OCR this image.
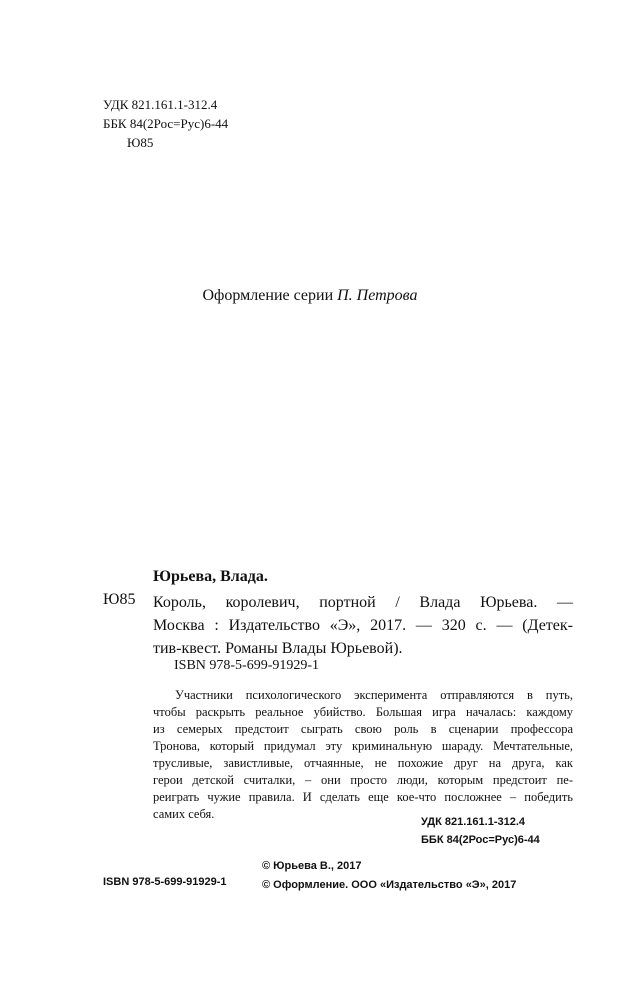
УДК 821.161.1-312.4
ББК 84(2Рос=Рус)6-44
Ю85
Оформление серии П. Петрова
Юрьева, Влада.
Ю85 Король, королевич, портной / Влада Юрьева. —
Москва : Издательство «Э», 2017. — 320 с. — (Детек-
тив-квест. Романы Влады Юрьевой).
ISBN 978-5-699-91929-1
Участники психологического эксперимента отправляются в путь,
чтобы раскрыть реальное убийство. Большая игра началась: каждому
из семерых предстоит сыграть свою роль в сценарии профессора
Тронова, который придумал эту криминальную шараду. Мечтательные,
трусливые, завистливые, отчаянные, не похожие друг на друга, как
герои детской считалки, – они просто люди, которым предстоит пе-
реиграть чужие правила. И сделать еще кое-что посложнее – победить
самих себя.
УДК 821.161.1-312.4
ББК 84(2Рос=Рус)6-44
© Юрьева В., 2017
© Оформление. ООО «Издательство «Э», 2017
ISBN 978-5-699-91929-1
